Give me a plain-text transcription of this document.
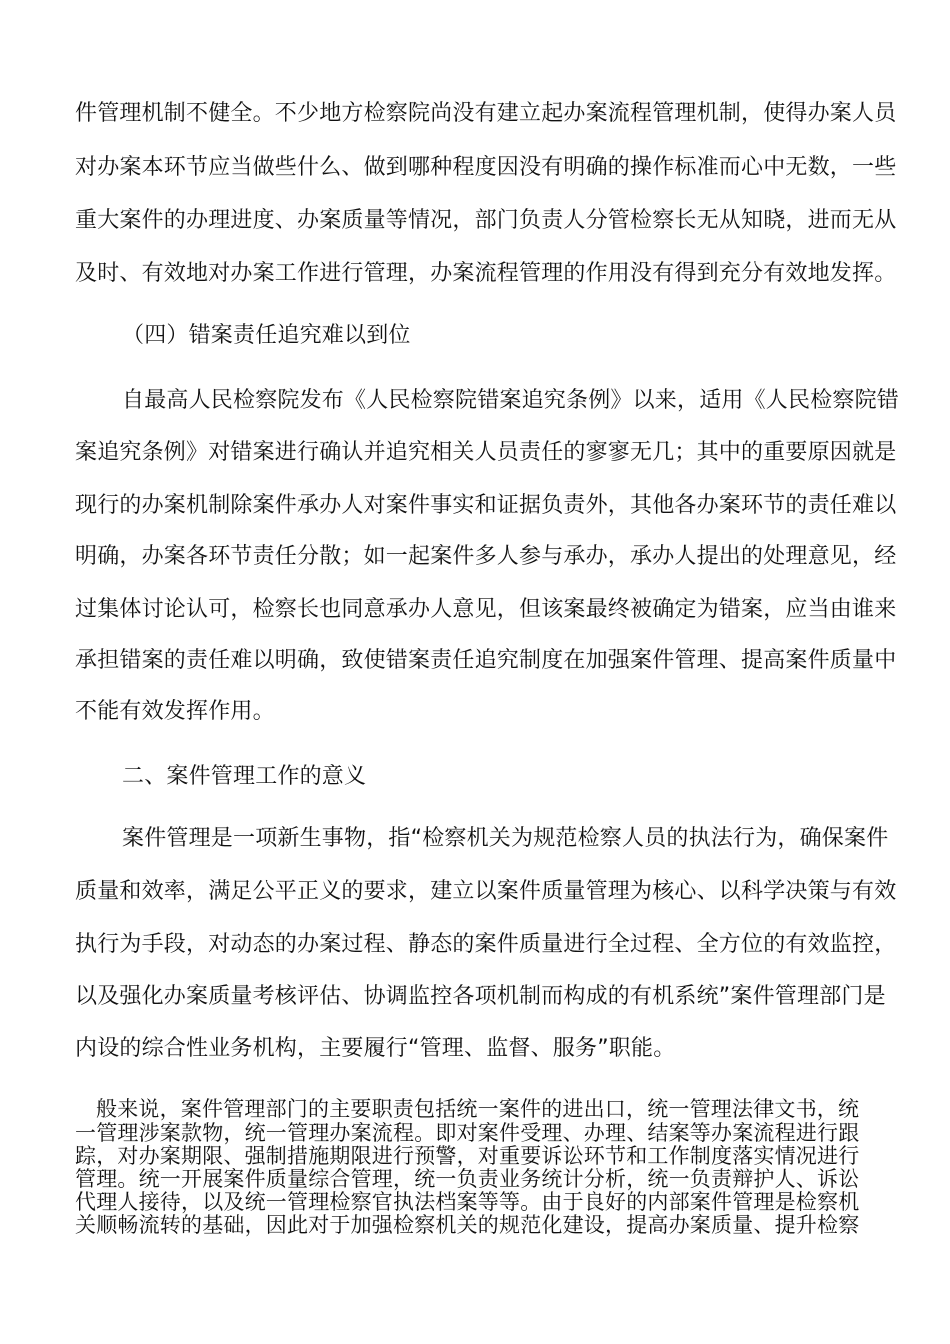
件管理机制不健全。不少地方检察院尚没有建立起办案流程管理机制，使得办案人员
对办案本环节应当做些什么、做到哪种程度因没有明确的操作标准而心中无数，一些
重大案件的办理进度、办案质量等情况，部门负责人分管检察长无从知晓，进而无从
及时、有效地对办案工作进行管理，办案流程管理的作用没有得到充分有效地发挥。
（四）错案责任追究难以到位
自最高人民检察院发布《人民检察院错案追究条例》以来，适用《人民检察院错
案追究条例》对错案进行确认并追究相关人员责任的寥寥无几；其中的重要原因就是
现行的办案机制除案件承办人对案件事实和证据负责外，其他各办案环节的责任难以
明确，办案各环节责任分散；如一起案件多人参与承办，承办人提出的处理意见，经
过集体讨论认可，检察长也同意承办人意见，但该案最终被确定为错案，应当由谁来
承担错案的责任难以明确，致使错案责任追究制度在加强案件管理、提高案件质量中
不能有效发挥作用。
二、案件管理工作的意义
案件管理是一项新生事物，指“检察机关为规范检察人员的执法行为，确保案件
质量和效率，满足公平正义的要求，建立以案件质量管理为核心、以科学决策与有效
执行为手段，对动态的办案过程、静态的案件质量进行全过程、全方位的有效监控，
以及强化办案质量考核评估、协调监控各项机制而构成的有机系统”案件管理部门是
内设的综合性业务机构，主要履行“管理、监督、服务”职能。
般来说，案件管理部门的主要职责包括统一案件的进出口，统一管理法律文书，统
一管理涉案款物，统一管理办案流程。即对案件受理、办理、结案等办案流程进行跟
踪，对办案期限、强制措施期限进行预警，对重要诉讼环节和工作制度落实情况进行
管理。统一开展案件质量综合管理，统一负责业务统计分析，统一负责辩护人、诉讼
代理人接待，以及统一管理检察官执法档案等等。由于良好的内部案件管理是检察机
关顺畅流转的基础，因此对于加强检察机关的规范化建设，提高办案质量、提升检察
